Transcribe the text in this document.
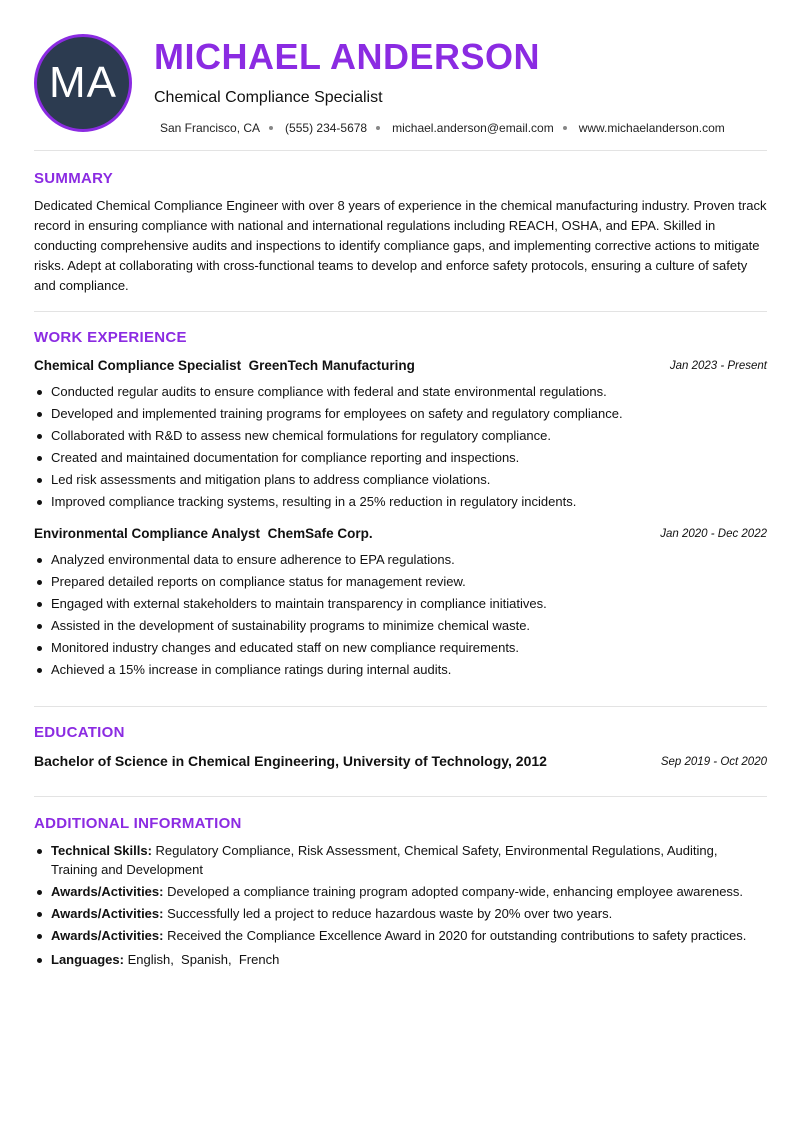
MA
MICHAEL ANDERSON
Chemical Compliance Specialist
San Francisco, CA (555) 234-5678 michael.anderson@email.com www.michaelanderson.com
SUMMARY

Dedicated Chemical Compliance Engineer with over 8 years of experience in the chemical manufacturing industry. Proven track record in ensuring compliance with national and international regulations including REACH, OSHA, and EPA. Skilled in conducting comprehensive audits and inspections to identify compliance gaps, and implementing corrective actions to mitigate risks. Adept at collaborating with cross-functional teams to develop and enforce safety protocols, ensuring a culture of safety and compliance.

WORK EXPERIENCE
Chemical Compliance Specialist GreenTech Manufacturing	Jan 2023 - Present
Conducted regular audits to ensure compliance with federal and state environmental regulations.
Developed and implemented training programs for employees on safety and regulatory compliance.
Collaborated with R&D to assess new chemical formulations for regulatory compliance.
Created and maintained documentation for compliance reporting and inspections.
Led risk assessments and mitigation plans to address compliance violations.
Improved compliance tracking systems, resulting in a 25% reduction in regulatory incidents.
Environmental Compliance Analyst ChemSafe Corp.	Jan 2020 - Dec 2022
Analyzed environmental data to ensure adherence to EPA regulations.
Prepared detailed reports on compliance status for management review.
Engaged with external stakeholders to maintain transparency in compliance initiatives.
Assisted in the development of sustainability programs to minimize chemical waste.
Monitored industry changes and educated staff on new compliance requirements.
Achieved a 15% increase in compliance ratings during internal audits.
EDUCATION
Bachelor of Science in Chemical Engineering, University of Technology, 2012	Sep 2019 - Oct 2020
ADDITIONAL INFORMATION
Technical Skills: Regulatory Compliance, Risk Assessment, Chemical Safety, Environmental Regulations, Auditing, Training and Development
Awards/Activities: Developed a compliance training program adopted company-wide, enhancing employee awareness.
Awards/Activities: Successfully led a project to reduce hazardous waste by 20% over two years.
Awards/Activities: Received the Compliance Excellence Award in 2020 for outstanding contributions to safety practices.
Languages: English,  Spanish,  French
